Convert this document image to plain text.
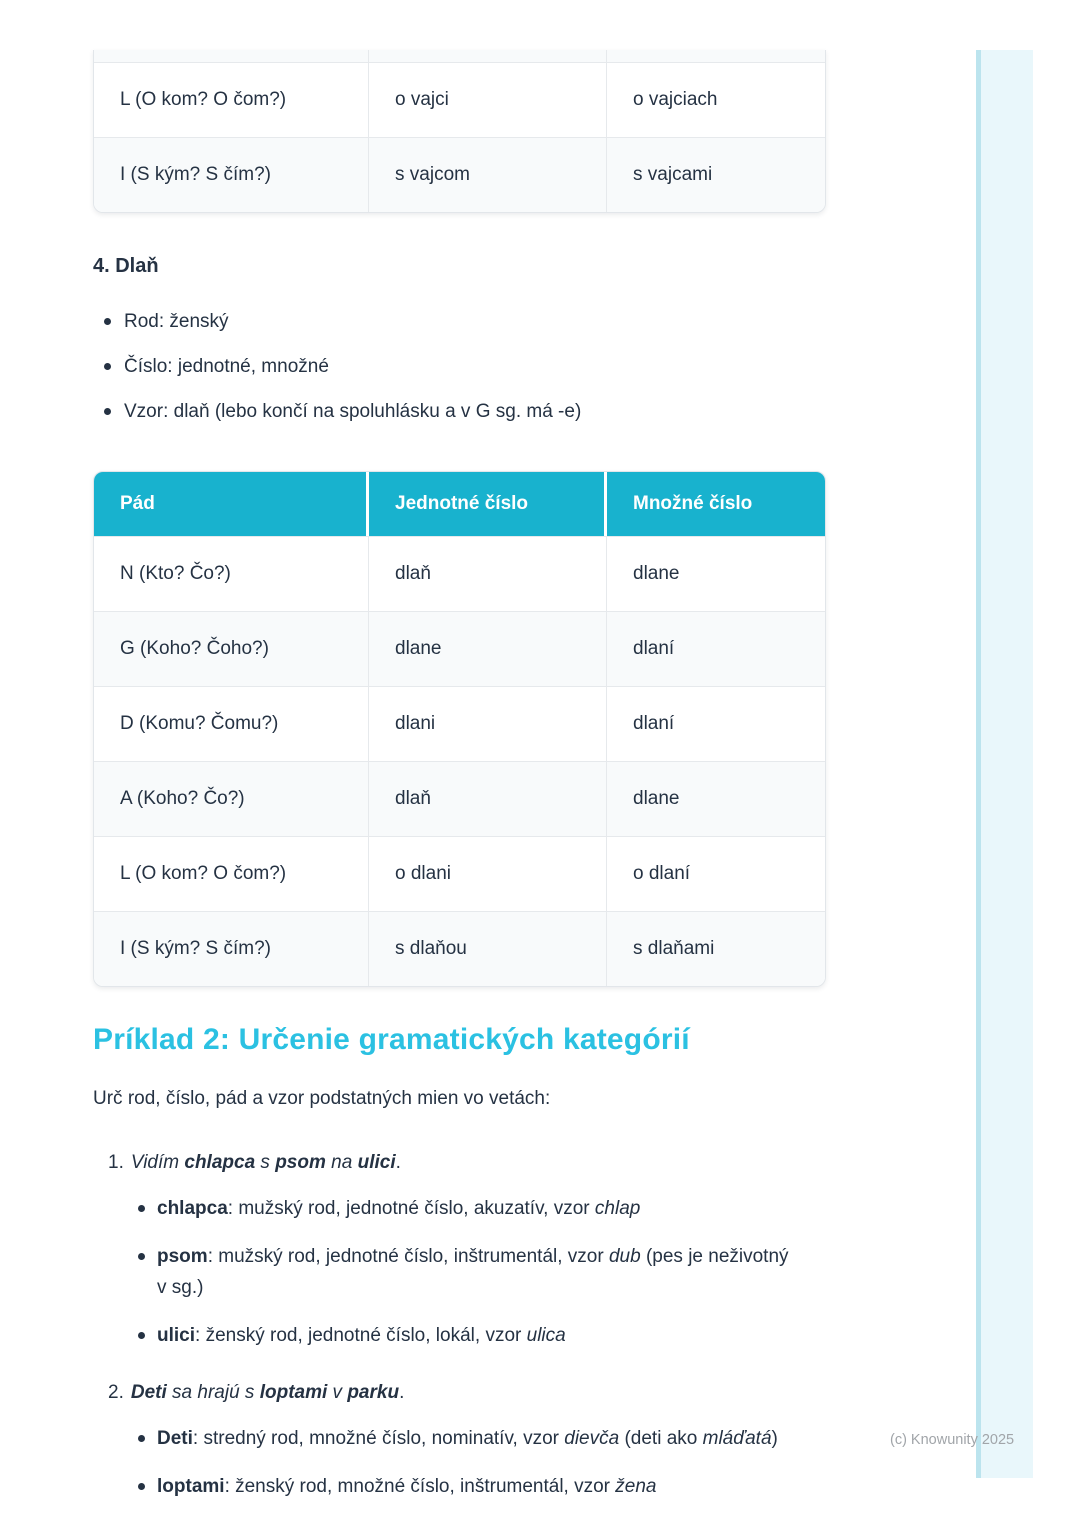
L (O kom? O čom?)	o vajci	o vajciach
I (S kým? S čím?)	s vajcom	s vajcami
4. Dlaň
Rod: ženský
Číslo: jednotné, množné
Vzor: dlaň (lebo končí na spoluhlásku a v G sg. má -e)
Pád	Jednotné číslo	Množné číslo
N (Kto? Čo?)	dlaň	dlane
G (Koho? Čoho?)	dlane	dlaní
D (Komu? Čomu?)	dlani	dlaní
A (Koho? Čo?)	dlaň	dlane
L (O kom? O čom?)	o dlani	o dlaní
I (S kým? S čím?)	s dlaňou	s dlaňami
Príklad 2: Určenie gramatických kategórií

Urč rod, číslo, pád a vzor podstatných mien vo vetách:

1. Vidím chlapca s psom na ulici.
chlapca: mužský rod, jednotné číslo, akuzatív, vzor chlap
psom: mužský rod, jednotné číslo, inštrumentál, vzor dub (pes je neživotný v sg.)
ulici: ženský rod, jednotné číslo, lokál, vzor ulica
2. Deti sa hrajú s loptami v parku.
Deti: stredný rod, množné číslo, nominatív, vzor dievča (deti ako mláďatá)
loptami: ženský rod, množné číslo, inštrumentál, vzor žena
(c) Knowunity 2025
